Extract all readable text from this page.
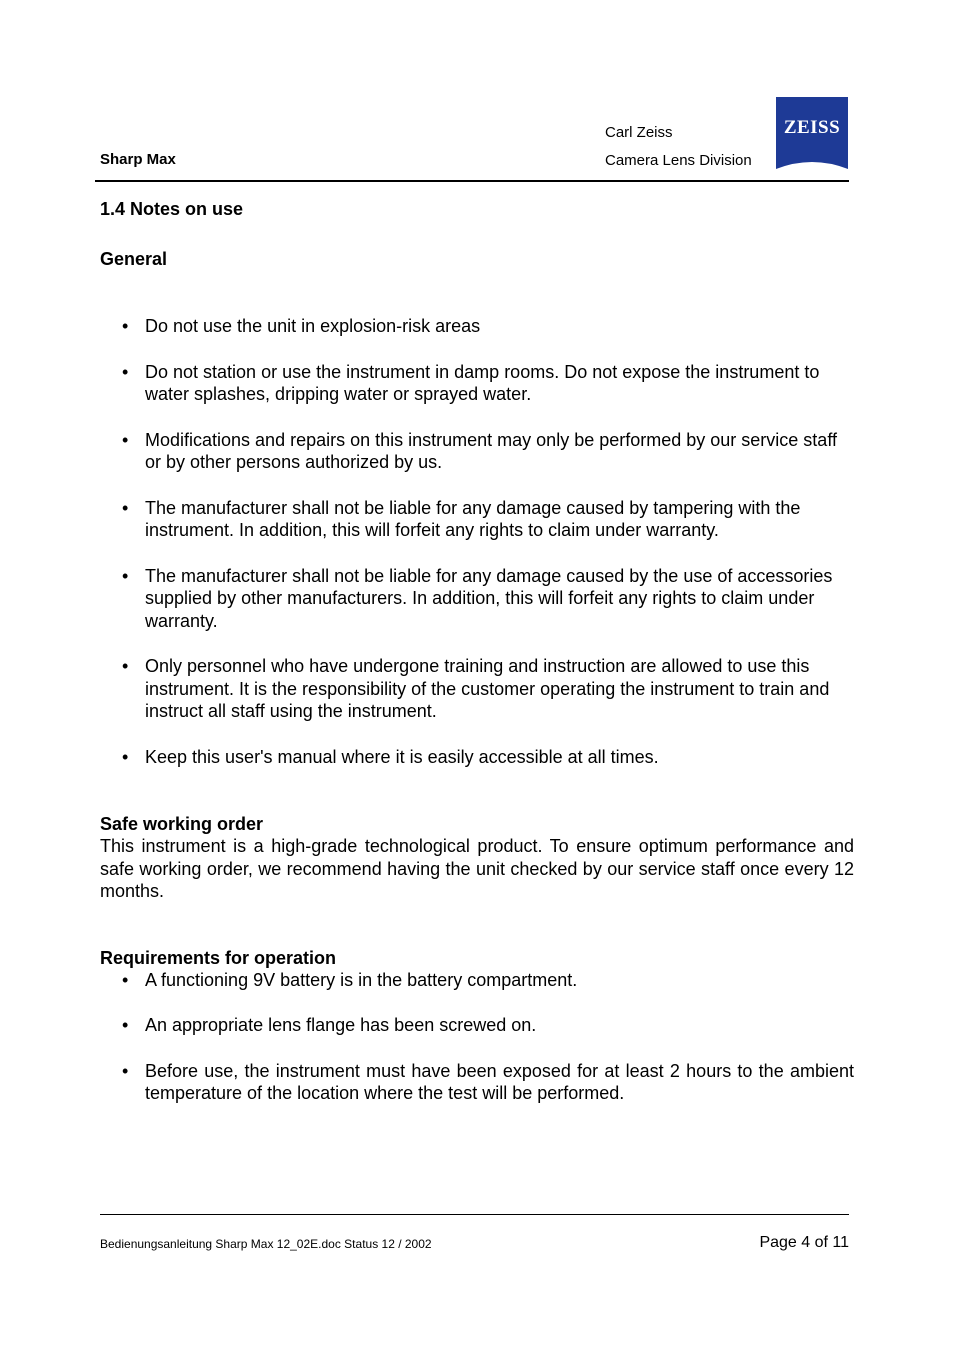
Sharp Max
Carl Zeiss
Camera Lens Division
ZEISS
1.4 Notes on use
General
• Do not use the unit in explosion-risk areas
• Do not station or use the instrument in damp rooms. Do not expose the instrument to water splashes, dripping water or sprayed water.
• Modifications and repairs on this instrument may only be performed by our service staff or by other persons authorized by us.
• The manufacturer shall not be liable for any damage caused by tampering with the instrument. In addition, this will forfeit any rights to claim under warranty.
• The manufacturer shall not be liable for any damage caused by the use of accessories supplied by other manufacturers. In addition, this will forfeit any rights to claim under warranty.
• Only personnel who have undergone training and instruction are allowed to use this instrument. It is the responsibility of the customer operating the instrument to train and instruct all staff using the instrument.
• Keep this user's manual where it is easily accessible at all times.
Safe working order

This instrument is a high-grade technological product. To ensure optimum performance and safe working order, we recommend having the unit checked by our service staff once every 12 months.

Requirements for operation
• A functioning 9V battery is in the battery compartment.
• An appropriate lens flange has been screwed on.
• Before use, the instrument must have been exposed for at least 2 hours to the ambient temperature of the location where the test will be performed.
Bedienungsanleitung Sharp Max 12_02E.doc Status 12 / 2002	Page 4 of 11
